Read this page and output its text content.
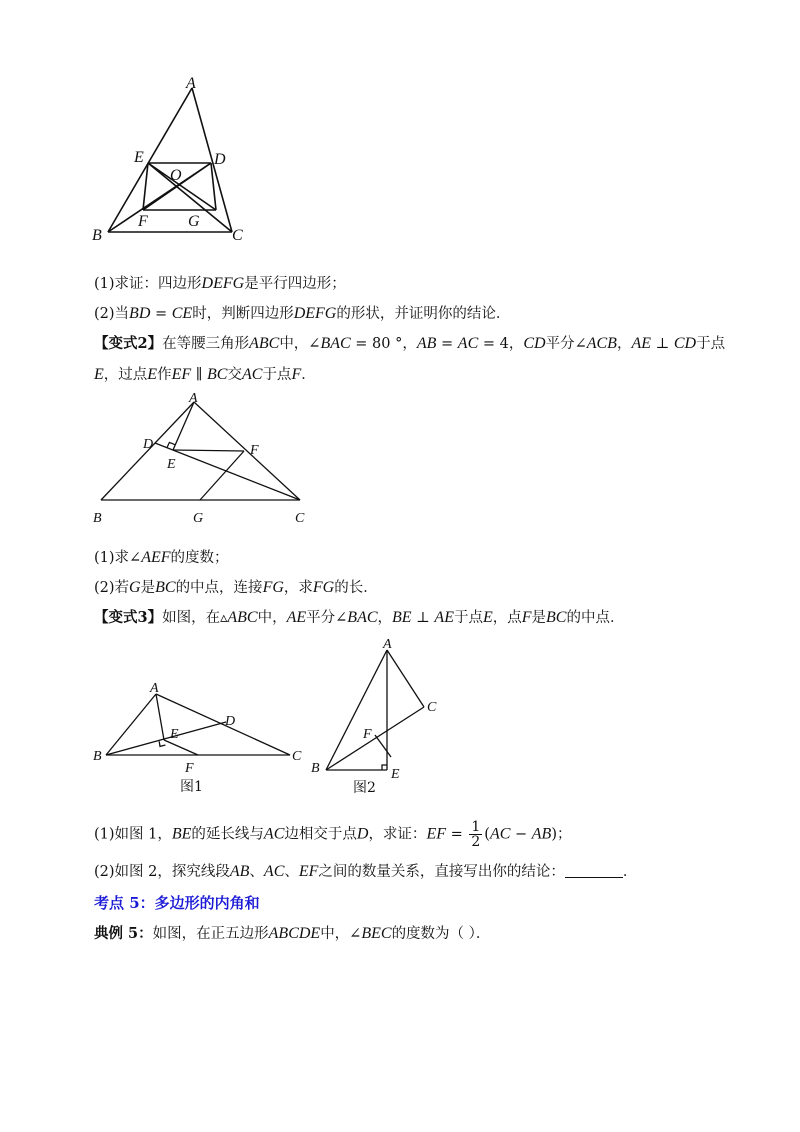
A
B	C
D
E
F	G
O
(1)求证：四边形DEFG是平行四边形；
(2)当BD = CE时，判断四边形DEFG的形状，并证明你的结论．
【变式2】在等腰三角形ABC中，∠BAC = 80 °，AB = AC = 4，CD平分∠ACB，AE ⊥ CD于点
E，过点E作EF ∥ BC交AC于点F．
A
B	C
D
E
F
G
(1)求∠AEF的度数；
(2)若G是BC的中点，连接FG，求FG的长．
【变式3】如图，在▵ABC中，AE平分∠BAC，BE ⊥ AE于点E，点F是BC的中点．
A
B	C
D
E
F
图1
A
B
C
E
F
图2
(1)如图 1，BE的延长线与AC边相交于点D，求证：EF = $\frac{1}{2} (AC - AB)$；
(2)如图 2，探究线段AB、AC、EF之间的数量关系，直接写出你的结论：	．
考点 5：多边形的内角和
典例 5：如图，在正五边形ABCDE中，∠BEC的度数为（ ）．
